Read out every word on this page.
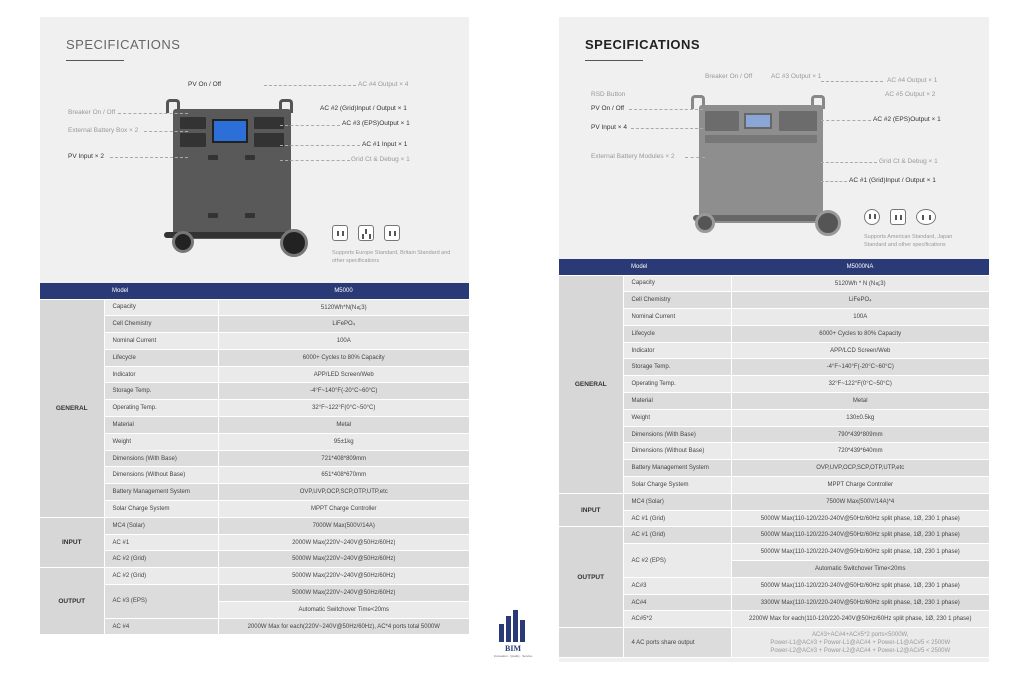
SPECIFICATIONS
PV On / Off
Breaker On / Off
External Battery Box × 2
PV Input × 2
AC #4 Output × 4
AC #2 (Grid)Input / Output × 1
AC #3 (EPS)Output × 1
AC #1 Input × 1
Grid Ct & Debug × 1
Supports Europe Standard, Britain Standard and other specifications
	Model	M5000
GENERAL	Capacity	5120Wh*N(N⩽3)
	Cell Chemistry	LiFePO₄
	Nominal Current	100A
	Lifecycle	6000+ Cycles to 80% Capacity
	Indicator	APP/LED Screen/Web
	Storage Temp.	-4°F~140°F(-20°C~60°C)
	Operating Temp.	32°F~122°F(0°C~50°C)
	Material	Metal
	Weight	95±1kg
	Dimensions (With Base)	721*408*809mm
	Dimensions (Without Base)	651*408*670mm
	Battery Management System	OVP,UVP,OCP,SCP,OTP,UTP,etc
	Solar Charge System	MPPT Charge Controller
INPUT	MC4 (Solar)	7000W Max(500V/14A)
	AC #1	2000W Max(220V~240V@50Hz/60Hz)
	AC #2 (Grid)	5000W Max(220V~240V@50Hz/60Hz)
OUTPUT	AC #2 (Grid)	5000W Max(220V~240V@50Hz/60Hz)
	AC #3 (EPS)	5000W Max(220V~240V@50Hz/60Hz)
		Automatic Switchover Time<20ms
	AC #4	2000W Max for each(220V~240V@50Hz/60Hz), AC*4 ports total 5000W
SPECIFICATIONS
Breaker On / Off	AC #3 Output × 1
AC #4 Output × 1
AC #5 Output × 2
RSD Button
PV On / Off
PV Input × 4
AC #2 (EPS)Output × 1
External Battery Modules × 2
Grid Ct & Debug × 1
AC #1 (Grid)Input / Output × 1
Supports American Standard, Japan Standard and other specifications
	Model	M5000NA
GENERAL	Capacity	5120Wh * N (N⩽3)
	Cell Chemistry	LiFePO₄
	Nominal Current	100A
	Lifecycle	6000+ Cycles to 80% Capacity
	Indicator	APP/LCD Screen/Web
	Storage Temp.	-4°F~140°F(-20°C~60°C)
	Operating Temp.	32°F~122°F(0°C~50°C)
	Material	Metal
	Weight	130±0.5kg
	Dimensions (With Base)	790*439*809mm
	Dimensions (Without Base)	720*439*640mm
	Battery Management System	OVP,UVP,OCP,SCP,OTP,UTP,etc
	Solar Charge System	MPPT Charge Controller
INPUT	MC4 (Solar)	7500W Max(500V/14A)*4
	AC #1 (Grid)	5000W Max(110-120/220-240V@50Hz/60Hz split phase, 1Ø, 230 1 phase)
OUTPUT	AC #1 (Grid)	5000W Max(110-120/220-240V@50Hz/60Hz split phase, 1Ø, 230 1 phase)
	AC #2 (EPS)	5000W Max(110-120/220-240V@50Hz/60Hz split phase, 1Ø, 230 1 phase)
		Automatic Switchover Time<20ms
	AC#3	5000W Max(110-120/220-240V@50Hz/60Hz split phase, 1Ø, 230 1 phase)
	AC#4	3300W Max(110-120/220-240V@50Hz/60Hz split phase, 1Ø, 230 1 phase)
	AC#5*2	2200W Max for each(110-120/220-240V@50Hz/60Hz split phase, 1Ø, 230 1 phase)
	4 AC ports share output	AC#3+AC#4+AC#5*2 ports<5000W,
Power-L1@AC#3 + Power-L1@AC#4 + Power-L1@AC#5 < 2500W
Power-L2@AC#3 + Power-L2@AC#4 + Power-L2@AC#5 < 2500W
BIM
Innovation · Quality · Service
